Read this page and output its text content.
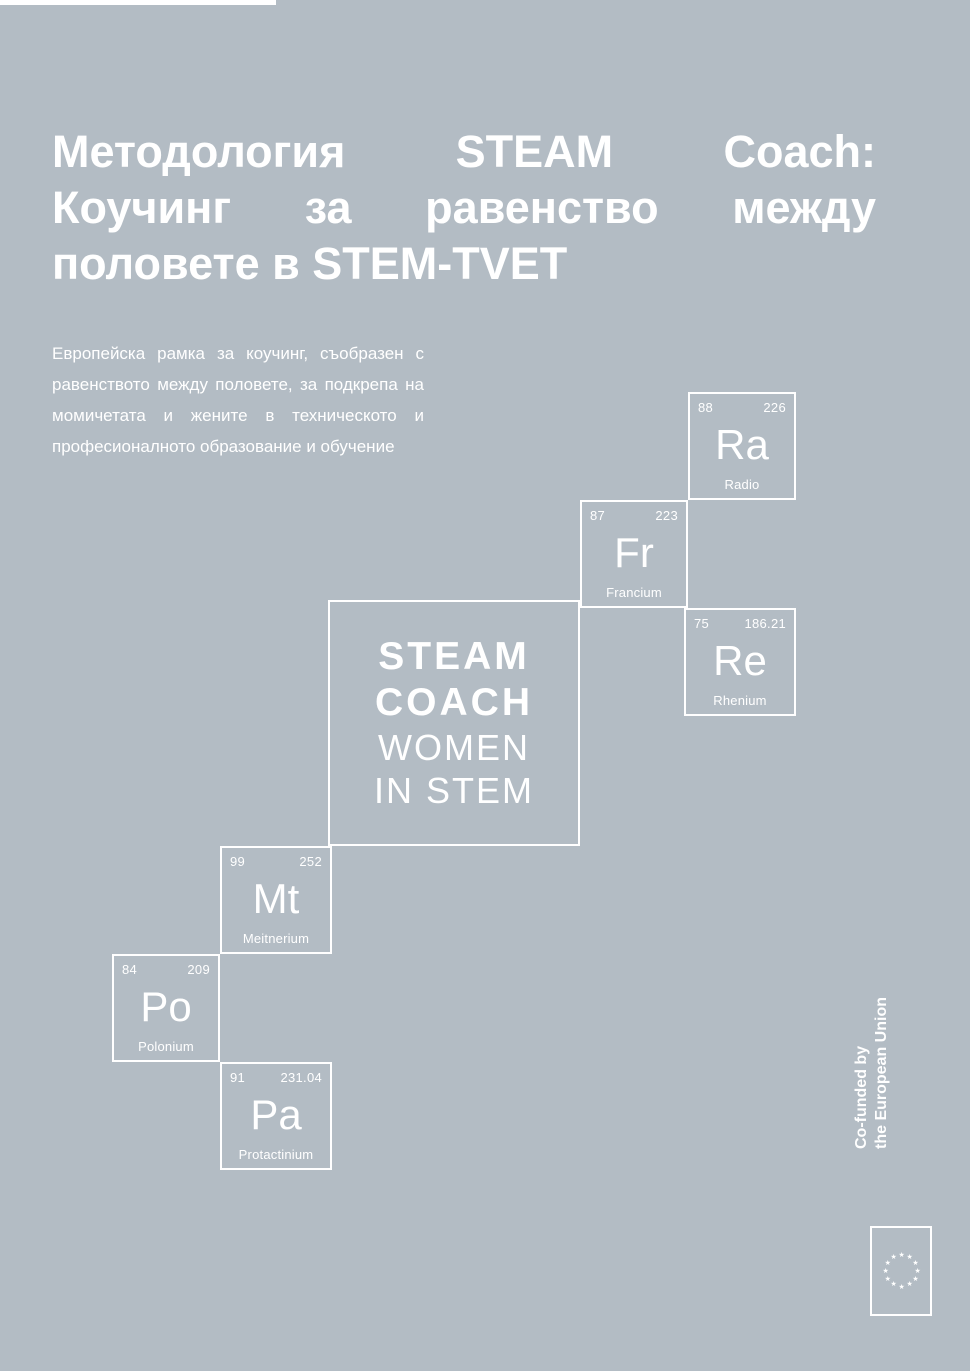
Методология STEAM Coach:
Коучинг за равенство между
половете в STEM-TVET
Европейска рамка за коучинг, съобразен с равенството между половете, за подкрепа на момичетата и жените в техническото и професионалното образование и обучение
88	226
Ra
Radio
87	223
Fr
Francium
75	186.21
Re
Rhenium
99	252
Mt
Meitnerium
84	209
Po
Polonium
91	231.04
Pa
Protactinium
STEAM
COACH
WOMEN
IN STEM
Co-funded by the European Union
★ ★
★
★
★
★
★
★
★
★
★
★
